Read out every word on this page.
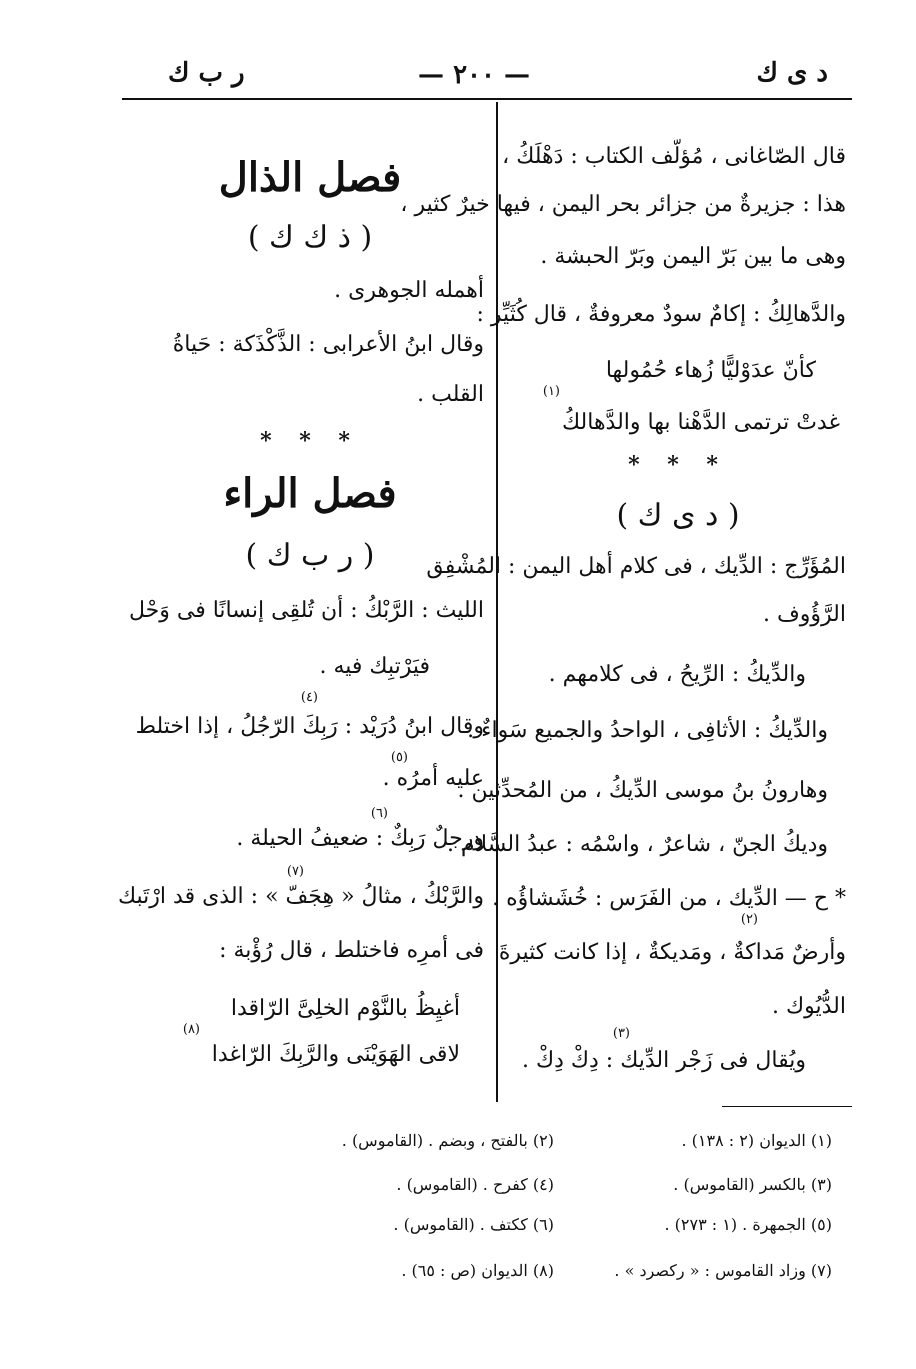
د ى ك
— ٢٠٠ —
ر ب ك
قال الصّاغانى ، مُؤلّف الكتاب : دَهْلَكُ ،
هذا : جزيرةٌ من جزائر بحر اليمن ، فيها خيرٌ كثير ،
وهى ما بين بَرّ اليمن وبَرّ الحبشة .
والدَّهالِكُ : إكامٌ سودٌ معروفةٌ ، قال كُثَيِّر :
كأنّ عدَوْليًّا زُهاء حُمُولها
(١)
غدتْ ترتمى الدَّهْنا بها والدَّهالكُ
* * *
( د ى ك )
المُؤَرِّج : الدِّيك ، فى كلام أهل اليمن : المُشْفِق
الرَّؤُوف .
والدِّيكُ : الرِّيحُ ، فى كلامهم .
والدِّيكُ : الأثافِى ، الواحدُ والجميع سَواءٌ .
وهارونُ بنُ موسى الدِّيكُ ، من المُحدِّثين .
وديكُ الجنّ ، شاعرٌ ، واسْمُه : عبدُ السَّلام .
* ح — الدِّيك ، من الفَرَس : خُشَشاؤُه .
(٢)
وأرضٌ مَداكةٌ ، ومَديكةٌ ، إذا كانت كثيرةَ
الدُّيُوك .
(٣)
ويُقال فى زَجْر الدِّيك : دِكْ دِكْ .
فصل الذال
( ذ ك ك )
أهمله الجوهرى .
وقال ابنُ الأعرابى : الذَّكْذَكة : حَياةُ
القلب .
* * *
فصل الراء
( ر ب ك )
الليث : الرَّبْكُ : أن تُلقِى إنسانًا فى وَحْل
فيَرْتبِك فيه .
(٤)
وقال ابنُ دُرَيْد : رَبِكَ الرّجُلُ ، إذا اختلط
(٥)
عليه أمرُه .
(٦)
ورجلٌ رَبِكٌ : ضعيفُ الحيلة .
(٧)
والرَّبْكُ ، مثالُ « هِجَفّ » : الذى قد ارْتَبك
فى أمرِه فاختلط ، قال رُؤْبة :
أغيِظُ بالنَّوْم الخلِىَّ الرّاقدا
(٨)
لاقى الهَوَيْنَى والرَّبِكَ الرّاغدا
(١) الديوان (٢ : ١٣٨) .
(٢) بالفتح ، وبضم . (القاموس) .
(٣) بالكسر (القاموس) .
(٤) كفرح . (القاموس) .
(٥) الجمهرة . (١ : ٢٧٣) .
(٦) ككتف . (القاموس) .
(٧) وزاد القاموس : « ركصرد » .
(٨) الديوان (ص : ٦٥) .
